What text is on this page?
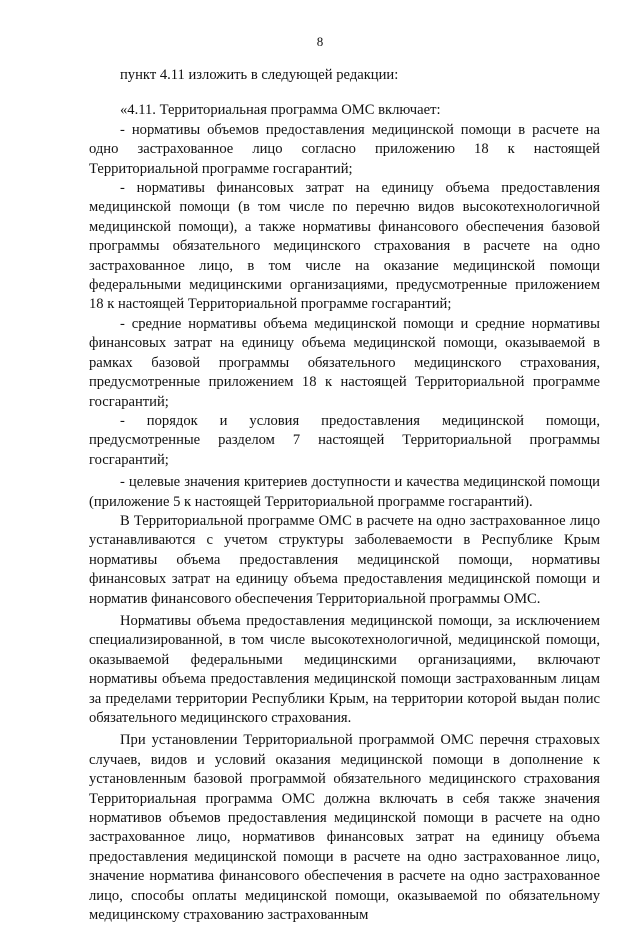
8

пункт 4.11 изложить в следующей редакции:

«4.11. Территориальная программа ОМС включает:

- нормативы объемов предоставления медицинской помощи в расчете на одно застрахованное лицо согласно приложению 18 к настоящей Территориальной программе госгарантий;

- нормативы финансовых затрат на единицу объема предоставления медицинской помощи (в том числе по перечню видов высокотехнологичной медицинской помощи), а также нормативы финансового обеспечения базовой программы обязательного медицинского страхования в расчете на одно застрахованное лицо, в том числе на оказание медицинской помощи федеральными медицинскими организациями, предусмотренные приложением 18 к настоящей Территориальной программе госгарантий;

- средние нормативы объема медицинской помощи и средние нормативы финансовых затрат на единицу объема медицинской помощи, оказываемой в рамках базовой программы обязательного медицинского страхования, предусмотренные приложением 18 к настоящей Территориальной программе госгарантий;

- порядок и условия предоставления медицинской помощи, предусмотренные разделом 7 настоящей Территориальной программы госгарантий;

- целевые значения критериев доступности и качества медицинской помощи (приложение 5 к настоящей Территориальной программе госгарантий).

В Территориальной программе ОМС в расчете на одно застрахованное лицо устанавливаются с учетом структуры заболеваемости в Республике Крым нормативы объема предоставления медицинской помощи, нормативы финансовых затрат на единицу объема предоставления медицинской помощи и норматив финансового обеспечения Территориальной программы ОМС.

Нормативы объема предоставления медицинской помощи, за исключением специализированной, в том числе высокотехнологичной, медицинской помощи, оказываемой федеральными медицинскими организациями, включают нормативы объема предоставления медицинской помощи застрахованным лицам за пределами территории Республики Крым, на территории которой выдан полис обязательного медицинского страхования.

При установлении Территориальной программой ОМС перечня страховых случаев, видов и условий оказания медицинской помощи в дополнение к установленным базовой программой обязательного медицинского страхования Территориальная программа ОМС должна включать в себя также значения нормативов объемов предоставления медицинской помощи в расчете на одно застрахованное лицо, нормативов финансовых затрат на единицу объема предоставления медицинской помощи в расчете на одно застрахованное лицо, значение норматива финансового обеспечения в расчете на одно застрахованное лицо, способы оплаты медицинской помощи, оказываемой по обязательному медицинскому страхованию застрахованным
